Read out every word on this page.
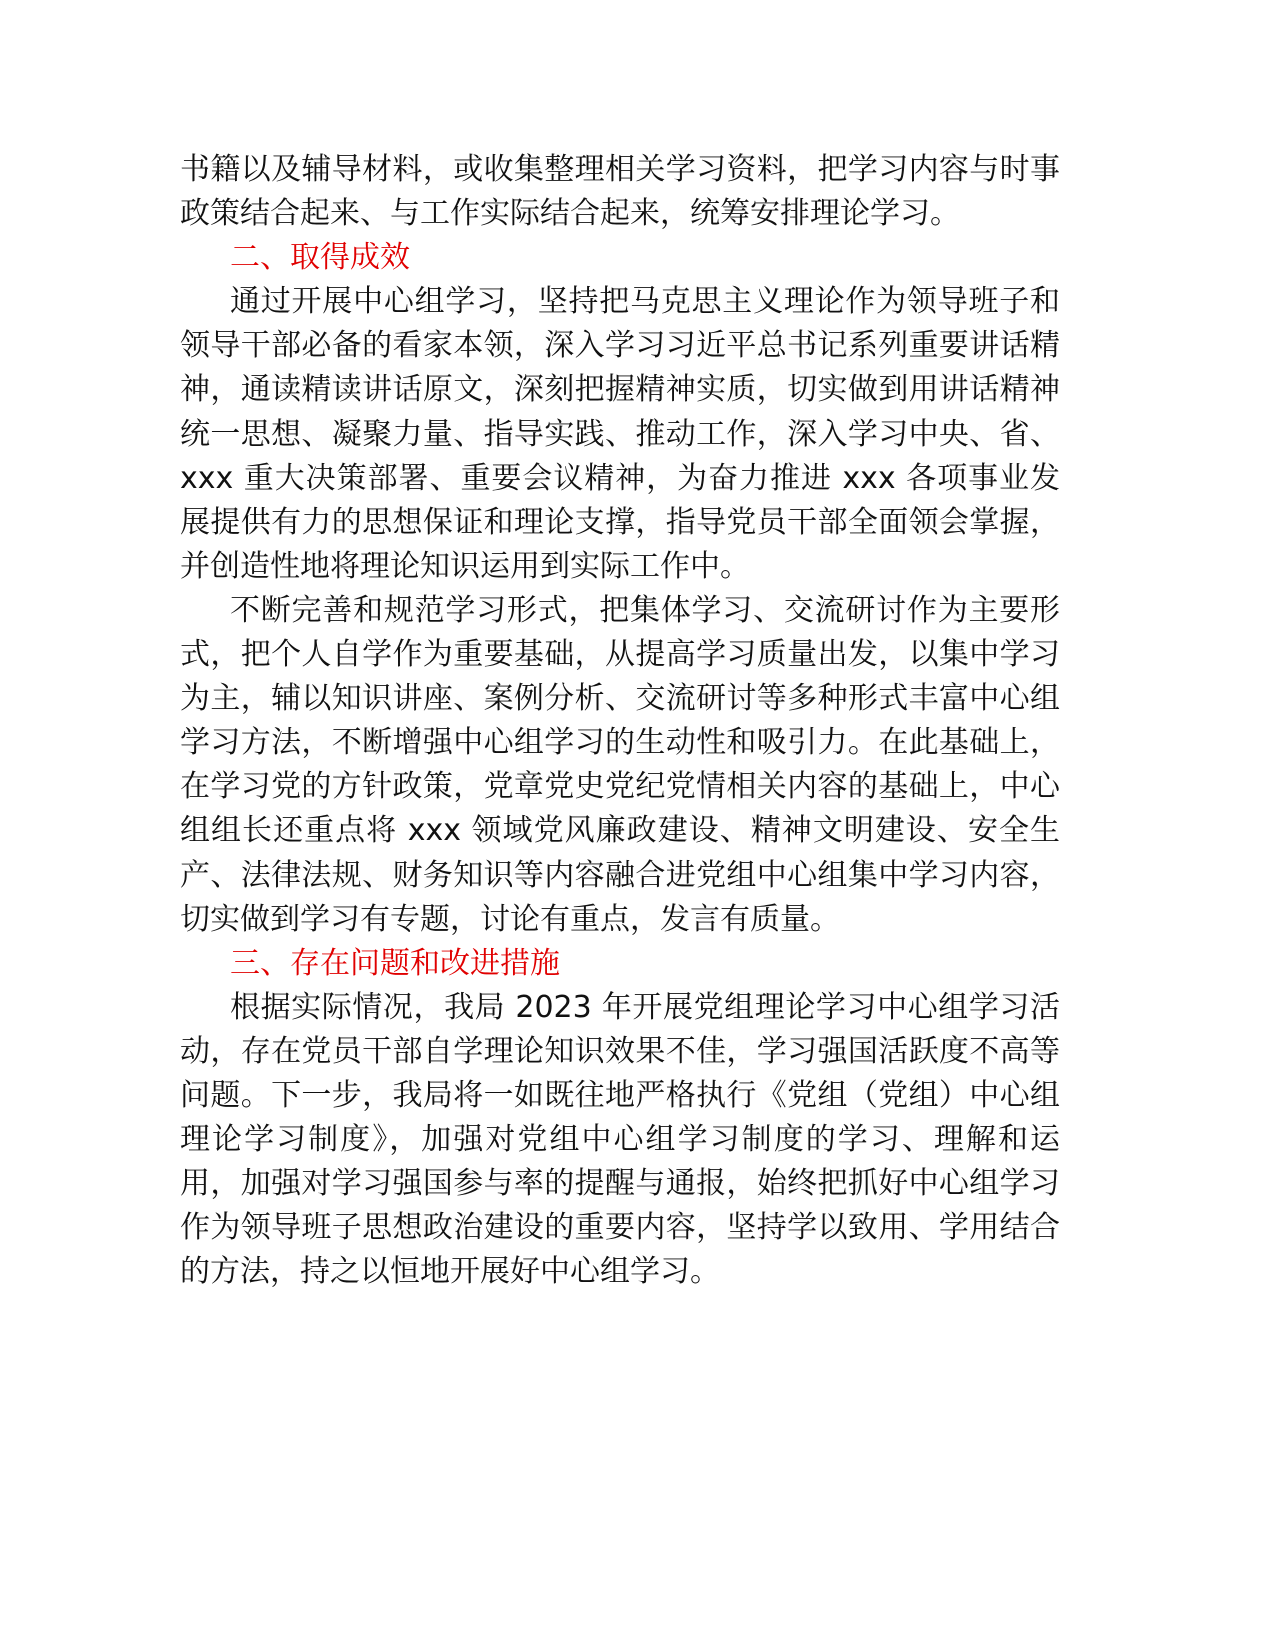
书籍以及辅导材料，或收集整理相关学习资料，把学习内容与时事政策结合起来、与工作实际结合起来，统筹安排理论学习。

二、取得成效

通过开展中心组学习，坚持把马克思主义理论作为领导班子和领导干部必备的看家本领，深入学习习近平总书记系列重要讲话精神，通读精读讲话原文，深刻把握精神实质，切实做到用讲话精神统一思想、凝聚力量、指导实践、推动工作，深入学习中央、省、xxx 重大决策部署、重要会议精神，为奋力推进 xxx 各项事业发展提供有力的思想保证和理论支撑，指导党员干部全面领会掌握，并创造性地将理论知识运用到实际工作中。

不断完善和规范学习形式，把集体学习、交流研讨作为主要形式，把个人自学作为重要基础，从提高学习质量出发，以集中学习为主，辅以知识讲座、案例分析、交流研讨等多种形式丰富中心组学习方法，不断增强中心组学习的生动性和吸引力。在此基础上，在学习党的方针政策，党章党史党纪党情相关内容的基础上，中心组组长还重点将 xxx 领域党风廉政建设、精神文明建设、安全生产、法律法规、财务知识等内容融合进党组中心组集中学习内容，切实做到学习有专题，讨论有重点，发言有质量。

三、存在问题和改进措施

根据实际情况，我局 2023 年开展党组理论学习中心组学习活动，存在党员干部自学理论知识效果不佳，学习强国活跃度不高等问题。下一步，我局将一如既往地严格执行《党组（党组）中心组理论学习制度》，加强对党组中心组学习制度的学习、理解和运用，加强对学习强国参与率的提醒与通报，始终把抓好中心组学习作为领导班子思想政治建设的重要内容，坚持学以致用、学用结合的方法，持之以恒地开展好中心组学习。
